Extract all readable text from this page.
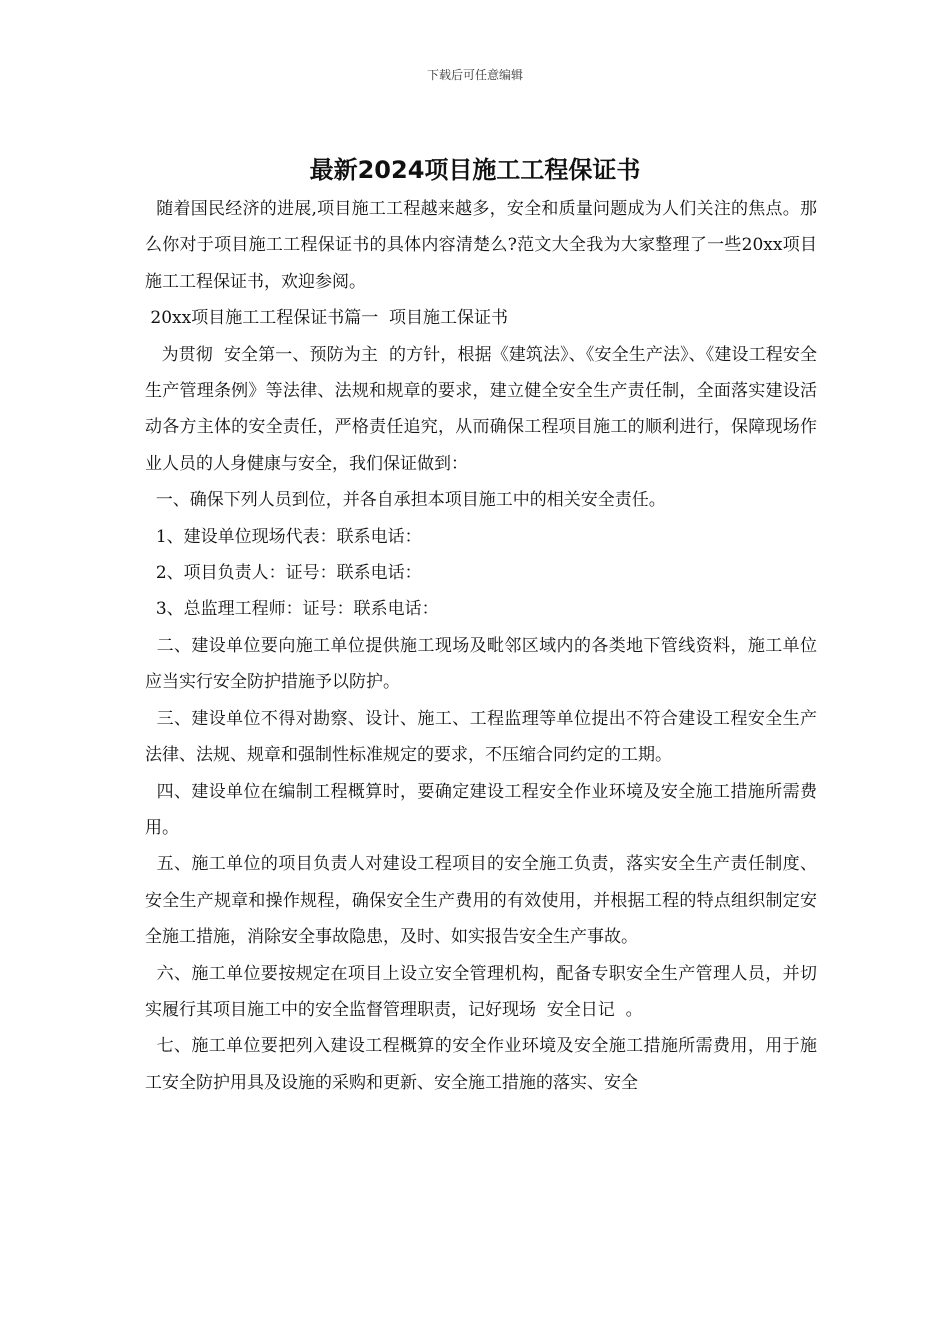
下载后可任意编辑
最新2024项目施工工程保证书

随着国民经济的进展,项目施工工程越来越多，安全和质量问题成为人们关注的焦点。那么你对于项目施工工程保证书的具体内容清楚么?范文大全我为大家整理了一些20xx项目施工工程保证书，欢迎参阅。

20xx项目施工工程保证书篇一  项目施工保证书

为贯彻  安全第一、预防为主  的方针，根据《建筑法》、《安全生产法》、《建设工程安全生产管理条例》等法律、法规和规章的要求，建立健全安全生产责任制，全面落实建设活动各方主体的安全责任，严格责任追究，从而确保工程项目施工的顺利进行，保障现场作业人员的人身健康与安全，我们保证做到：

一、确保下列人员到位，并各自承担本项目施工中的相关安全责任。

1、建设单位现场代表：联系电话：

2、项目负责人：证号：联系电话：

3、总监理工程师：证号：联系电话：

二、建设单位要向施工单位提供施工现场及毗邻区域内的各类地下管线资料，施工单位应当实行安全防护措施予以防护。

三、建设单位不得对勘察、设计、施工、工程监理等单位提出不符合建设工程安全生产法律、法规、规章和强制性标准规定的要求，不压缩合同约定的工期。

四、建设单位在编制工程概算时，要确定建设工程安全作业环境及安全施工措施所需费用。

五、施工单位的项目负责人对建设工程项目的安全施工负责，落实安全生产责任制度、安全生产规章和操作规程，确保安全生产费用的有效使用，并根据工程的特点组织制定安全施工措施，消除安全事故隐患，及时、如实报告安全生产事故。

六、施工单位要按规定在项目上设立安全管理机构，配备专职安全生产管理人员，并切实履行其项目施工中的安全监督管理职责，记好现场  安全日记  。

七、施工单位要把列入建设工程概算的安全作业环境及安全施工措施所需费用，用于施工安全防护用具及设施的采购和更新、安全施工措施的落实、安全
